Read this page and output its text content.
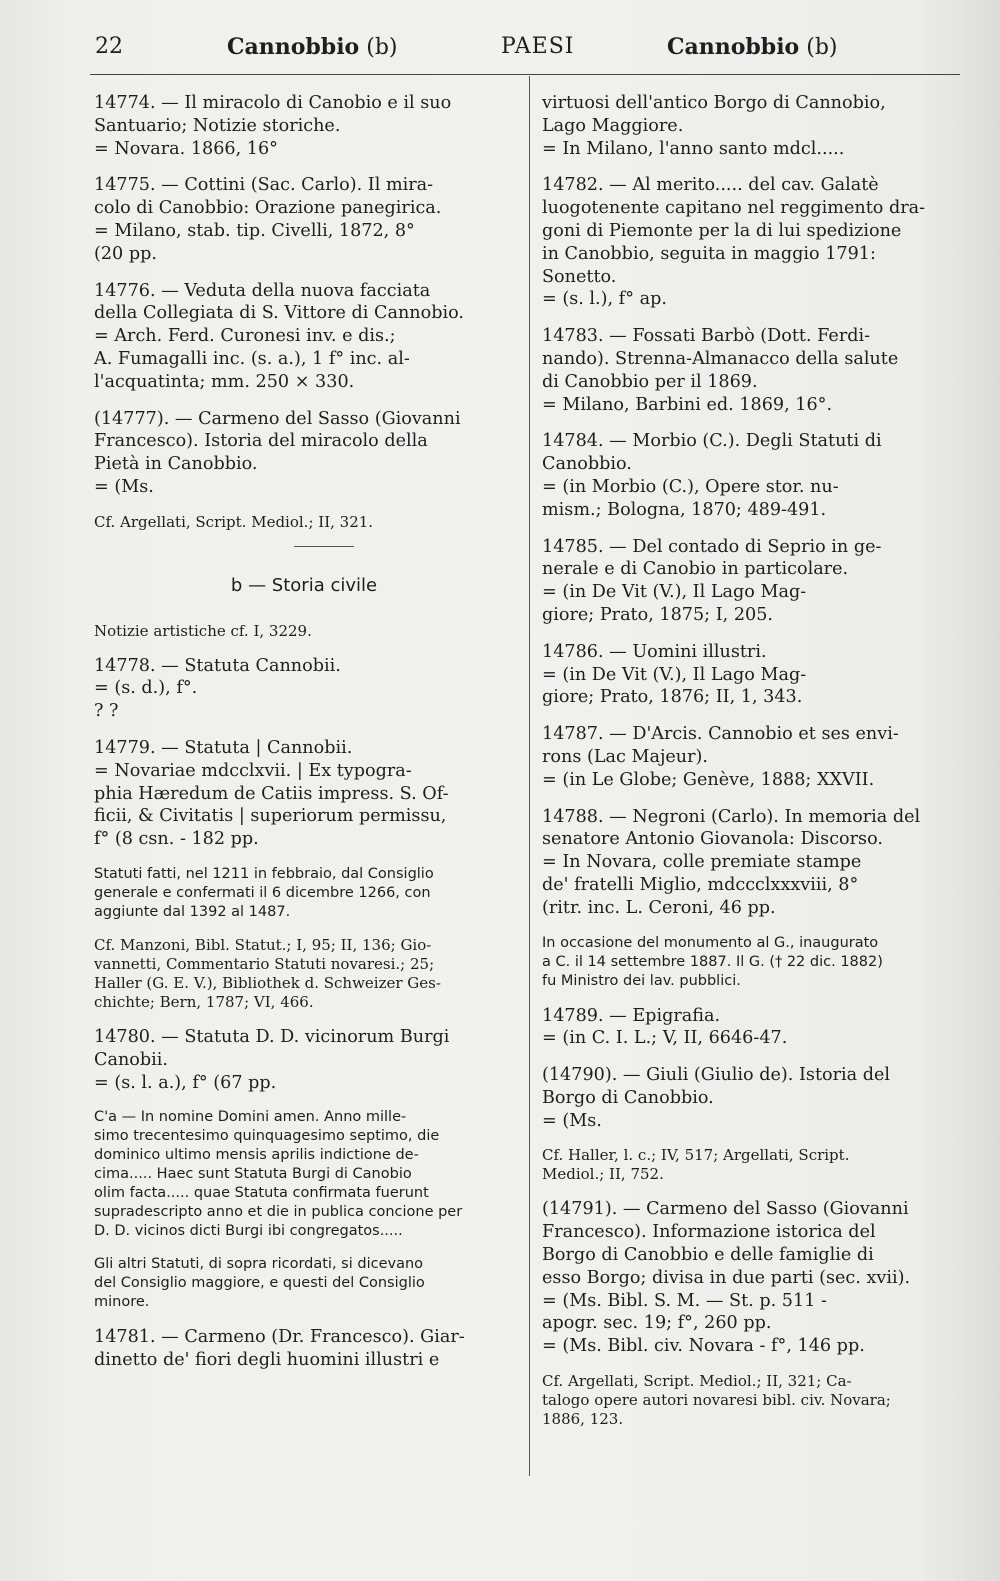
22	Cannobbio (b)	PAESI	Cannobbio (b)

14774. — Il miracolo di Canobio e il suo
Santuario; Notizie storiche.
= Novara. 1866, 16°

14775. — Cottini (Sac. Carlo). Il mira-
colo di Canobbio: Orazione panegirica.
= Milano, stab. tip. Civelli, 1872, 8°
(20 pp.

14776. — Veduta della nuova facciata
della Collegiata di S. Vittore di Cannobio.
= Arch. Ferd. Curonesi inv. e dis.;
A. Fumagalli inc. (s. a.), 1 f° inc. al-
l'acquatinta; mm. 250 × 330.

(14777). — Carmeno del Sasso (Giovanni
Francesco). Istoria del miracolo della
Pietà in Canobbio.
= (Ms.

Cf. Argellati, Script. Mediol.; II, 321.

b — Storia civile

Notizie artistiche cf. I, 3229.

14778. — Statuta Cannobii.
= (s. d.), f°.
? ?

14779. — Statuta | Cannobii.
= Novariae mdcclxvii. | Ex typogra-
phia Hæredum de Catiis impress. S. Of-
ficii, & Civitatis | superiorum permissu,
f° (8 csn. - 182 pp.

Statuti fatti, nel 1211 in febbraio, dal Consiglio
generale e confermati il 6 dicembre 1266, con
aggiunte dal 1392 al 1487.

Cf. Manzoni, Bibl. Statut.; I, 95; II, 136; Gio-
vannetti, Commentario Statuti novaresi.; 25;
Haller (G. E. V.), Bibliothek d. Schweizer Ges-
chichte; Bern, 1787; VI, 466.

14780. — Statuta D. D. vicinorum Burgi
Canobii.
= (s. l. a.), f° (67 pp.

C'a — In nomine Domini amen. Anno mille-
simo trecentesimo quinquagesimo septimo, die
dominico ultimo mensis aprilis indictione de-
cima..... Haec sunt Statuta Burgi di Canobio
olim facta..... quae Statuta confirmata fuerunt
supradescripto anno et die in publica concione per
D. D. vicinos dicti Burgi ibi congregatos.....

Gli altri Statuti, di sopra ricordati, si dicevano
del Consiglio maggiore, e questi del Consiglio
minore.

14781. — Carmeno (Dr. Francesco). Giar-
dinetto de' fiori degli huomini illustri e

virtuosi dell'antico Borgo di Cannobio,
Lago Maggiore.
= In Milano, l'anno santo mdcl.....

14782. — Al merito..... del cav. Galatè
luogotenente capitano nel reggimento dra-
goni di Piemonte per la di lui spedizione
in Canobbio, seguita in maggio 1791:
Sonetto.
= (s. l.), f° ap.

14783. — Fossati Barbò (Dott. Ferdi-
nando). Strenna-Almanacco della salute
di Canobbio per il 1869.
= Milano, Barbini ed. 1869, 16°.

14784. — Morbio (C.). Degli Statuti di
Canobbio.
= (in Morbio (C.), Opere stor. nu-
mism.; Bologna, 1870; 489-491.

14785. — Del contado di Seprio in ge-
nerale e di Canobio in particolare.
= (in De Vit (V.), Il Lago Mag-
giore; Prato, 1875; I, 205.

14786. — Uomini illustri.
= (in De Vit (V.), Il Lago Mag-
giore; Prato, 1876; II, 1, 343.

14787. — D'Arcis. Cannobio et ses envi-
rons (Lac Majeur).
= (in Le Globe; Genève, 1888; XXVII.

14788. — Negroni (Carlo). In memoria del
senatore Antonio Giovanola: Discorso.
= In Novara, colle premiate stampe
de' fratelli Miglio, mdccclxxxviii, 8°
(ritr. inc. L. Ceroni, 46 pp.

In occasione del monumento al G., inaugurato
a C. il 14 settembre 1887. Il G. († 22 dic. 1882)
fu Ministro dei lav. pubblici.

14789. — Epigrafia.
= (in C. I. L.; V, II, 6646-47.

(14790). — Giuli (Giulio de). Istoria del
Borgo di Canobbio.
= (Ms.

Cf. Haller, l. c.; IV, 517; Argellati, Script.
Mediol.; II, 752.

(14791). — Carmeno del Sasso (Giovanni
Francesco). Informazione istorica del
Borgo di Canobbio e delle famiglie di
esso Borgo; divisa in due parti (sec. xvii).
= (Ms. Bibl. S. M. — St. p. 511 -
apogr. sec. 19; f°, 260 pp.
= (Ms. Bibl. civ. Novara - f°, 146 pp.

Cf. Argellati, Script. Mediol.; II, 321; Ca-
talogo opere autori novaresi bibl. civ. Novara;
1886, 123.
